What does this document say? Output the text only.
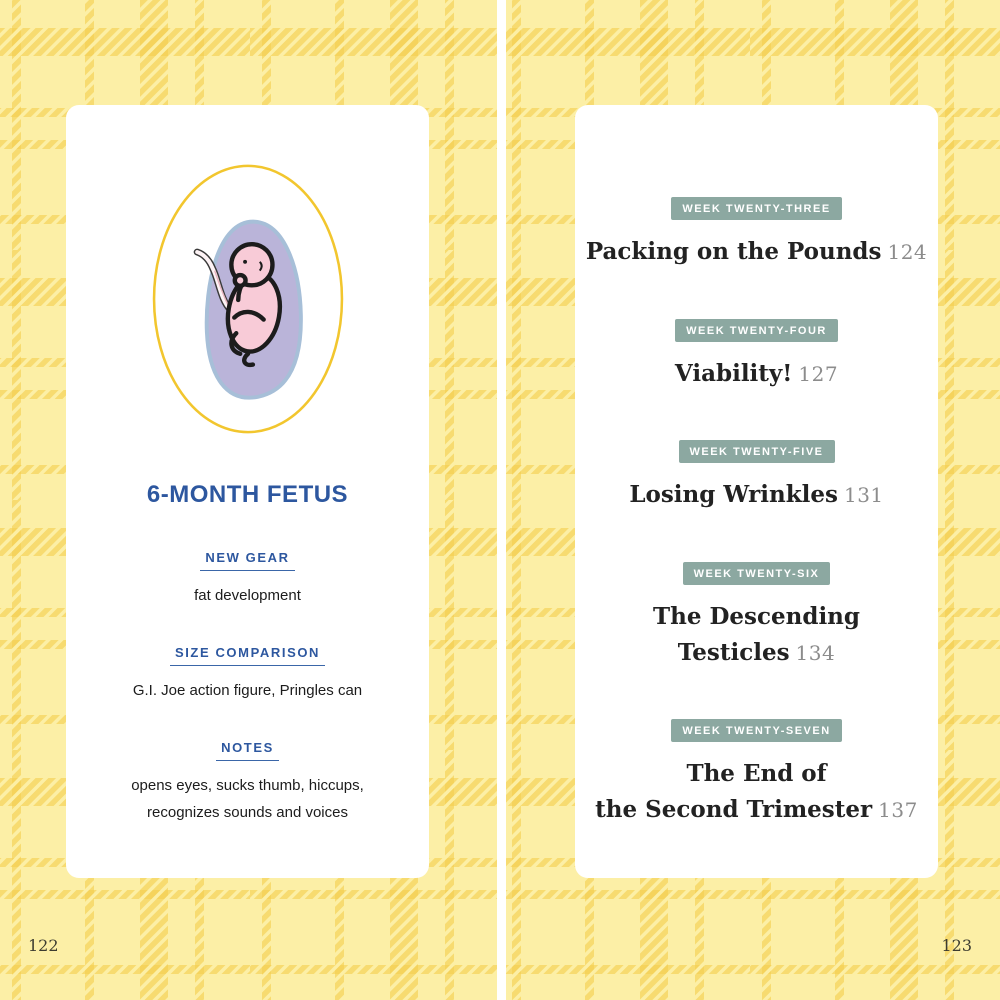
6-MONTH FETUS
NEW GEAR
fat development
SIZE COMPARISON
G.I. Joe action figure, Pringles can
NOTES
opens eyes, sucks thumb, hiccups,
recognizes sounds and voices
WEEK TWENTY-THREE
Packing on the Pounds 124
WEEK TWENTY-FOUR
Viability! 127
WEEK TWENTY-FIVE
Losing Wrinkles 131
WEEK TWENTY-SIX
The Descending Testicles 134
WEEK TWENTY-SEVEN
The End of
the Second Trimester 137
122	123
